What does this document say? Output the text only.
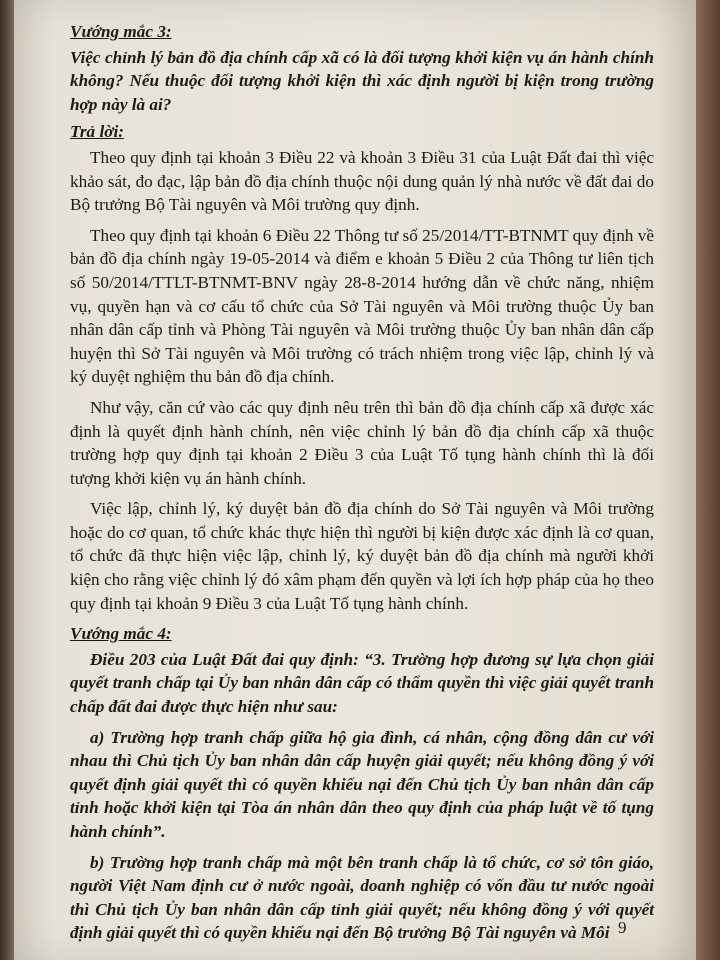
Vướng mắc 3:

Việc chỉnh lý bản đồ địa chính cấp xã có là đối tượng khởi kiện vụ án hành chính không? Nếu thuộc đối tượng khởi kiện thì xác định người bị kiện trong trường hợp này là ai?

Trả lời:

Theo quy định tại khoản 3 Điều 22 và khoản 3 Điều 31 của Luật Đất đai thì việc khảo sát, đo đạc, lập bản đồ địa chính thuộc nội dung quản lý nhà nước về đất đai do Bộ trưởng Bộ Tài nguyên và Môi trường quy định.

Theo quy định tại khoản 6 Điều 22 Thông tư số 25/2014/TT-BTNMT quy định về bản đồ địa chính ngày 19-05-2014 và điểm e khoản 5 Điều 2 của Thông tư liên tịch số 50/2014/TTLT-BTNMT-BNV ngày 28-8-2014 hướng dẫn về chức năng, nhiệm vụ, quyền hạn và cơ cấu tổ chức của Sở Tài nguyên và Môi trường thuộc Ủy ban nhân dân cấp tỉnh và Phòng Tài nguyên và Môi trường thuộc Ủy ban nhân dân cấp huyện thì Sở Tài nguyên và Môi trường có trách nhiệm trong việc lập, chỉnh lý và ký duyệt nghiệm thu bản đồ địa chính.

Như vậy, căn cứ vào các quy định nêu trên thì bản đồ địa chính cấp xã được xác định là quyết định hành chính, nên việc chỉnh lý bản đồ địa chính cấp xã thuộc trường hợp quy định tại khoản 2 Điều 3 của Luật Tố tụng hành chính thì là đối tượng khởi kiện vụ án hành chính.

Việc lập, chỉnh lý, ký duyệt bản đồ địa chính do Sở Tài nguyên và Môi trường hoặc do cơ quan, tổ chức khác thực hiện thì người bị kiện được xác định là cơ quan, tổ chức đã thực hiện việc lập, chỉnh lý, ký duyệt bản đồ địa chính mà người khởi kiện cho rằng việc chỉnh lý đó xâm phạm đến quyền và lợi ích hợp pháp của họ theo quy định tại khoản 9 Điều 3 của Luật Tố tụng hành chính.

Vướng mắc 4:

Điều 203 của Luật Đất đai quy định: “3. Trường hợp đương sự lựa chọn giải quyết tranh chấp tại Ủy ban nhân dân cấp có thẩm quyền thì việc giải quyết tranh chấp đất đai được thực hiện như sau:

a) Trường hợp tranh chấp giữa hộ gia đình, cá nhân, cộng đồng dân cư với nhau thì Chủ tịch Ủy ban nhân dân cấp huyện giải quyết; nếu không đồng ý với quyết định giải quyết thì có quyền khiếu nại đến Chủ tịch Ủy ban nhân dân cấp tỉnh hoặc khởi kiện tại Tòa án nhân dân theo quy định của pháp luật về tố tụng hành chính”.

b) Trường hợp tranh chấp mà một bên tranh chấp là tổ chức, cơ sở tôn giáo, người Việt Nam định cư ở nước ngoài, doanh nghiệp có vốn đầu tư nước ngoài thì Chủ tịch Ủy ban nhân dân cấp tỉnh giải quyết; nếu không đồng ý với quyết định giải quyết thì có quyền khiếu nại đến Bộ trưởng Bộ Tài nguyên và Môi 9
